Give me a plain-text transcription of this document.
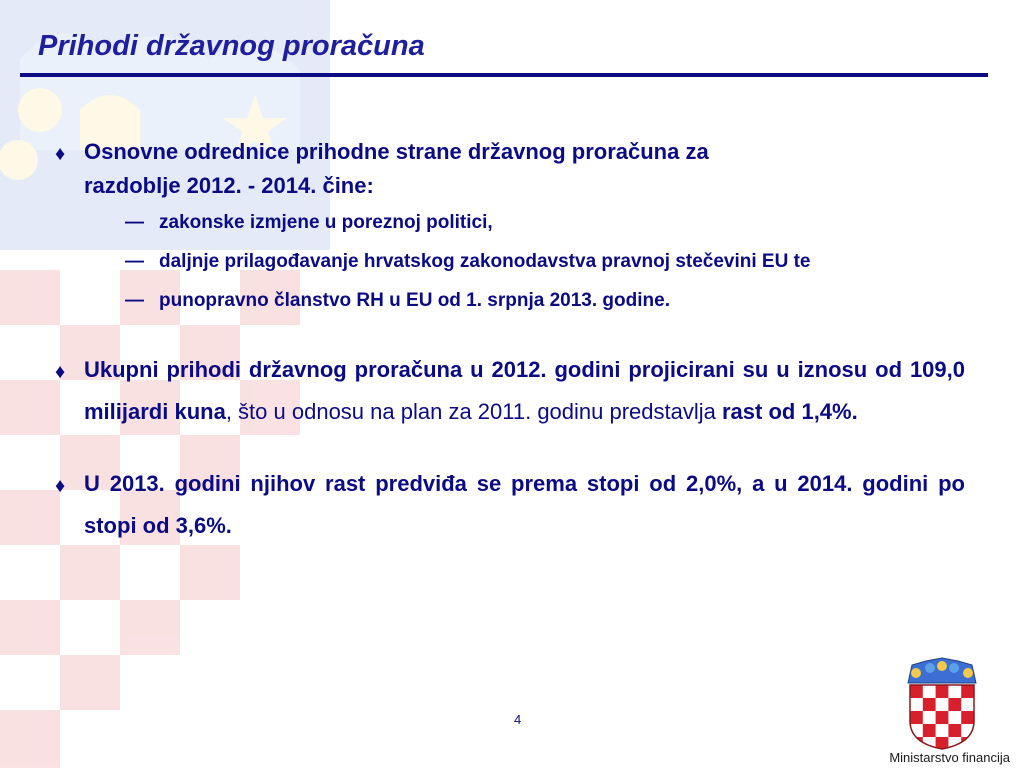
Prihodi državnog proračuna
♦ Osnovne odrednice prihodne strane državnog proračuna za
razdoblje 2012. - 2014. čine:
— zakonske izmjene u poreznoj politici,
— daljnje prilagođavanje hrvatskog zakonodavstva pravnoj stečevini EU te
— punopravno članstvo RH u EU od 1. srpnja 2013. godine.
♦ Ukupni prihodi državnog proračuna u 2012. godini projicirani su u iznosu od 109,0 milijardi kuna, što u odnosu na plan za 2011. godinu predstavlja rast od 1,4%.
♦ U 2013. godini njihov rast predviđa se prema stopi od 2,0%, a u 2014. godini po stopi od 3,6%.
4
Ministarstvo financija
